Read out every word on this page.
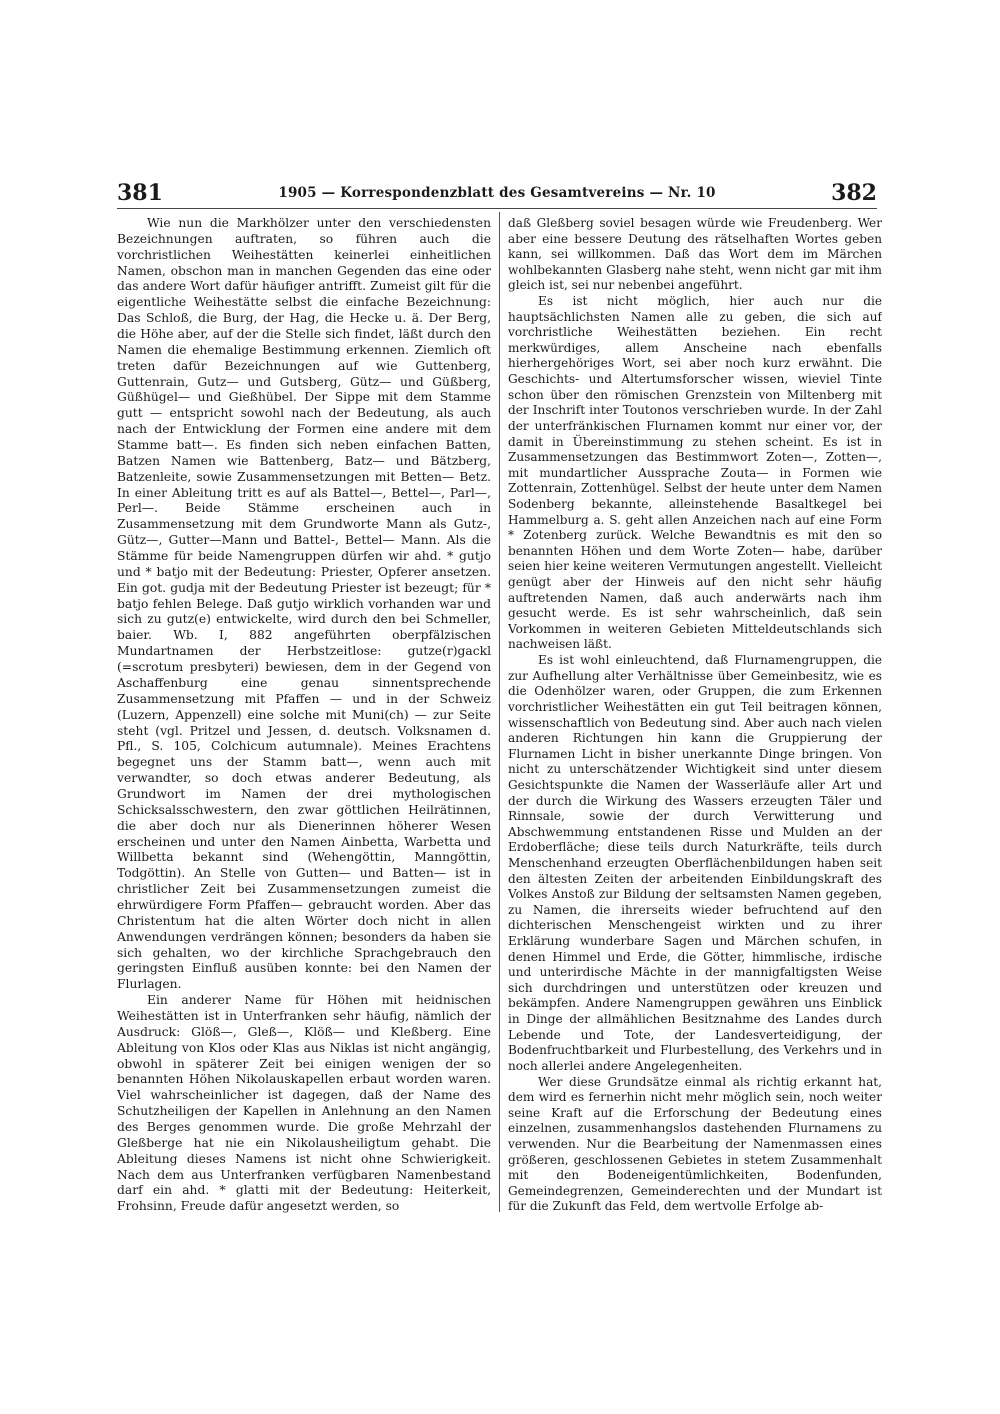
381	1905 — Korrespondenzblatt des Gesamtvereins — Nr. 10	382

Wie nun die Markhölzer unter den verschiedensten Bezeichnungen auftraten, so führen auch die vorchristlichen Weihestätten keinerlei einheitlichen Namen, obschon man in manchen Gegenden das eine oder das andere Wort dafür häufiger antrifft. Zumeist gilt für die eigentliche Weihestätte selbst die einfache Bezeichnung: Das Schloß, die Burg, der Hag, die Hecke u. ä. Der Berg, die Höhe aber, auf der die Stelle sich findet, läßt durch den Namen die ehemalige Bestimmung erkennen. Ziemlich oft treten dafür Bezeichnungen auf wie Guttenberg, Guttenrain, Gutz— und Gutsberg, Gütz— und Güßberg, Güßhügel— und Gießhübel. Der Sippe mit dem Stamme gutt — entspricht sowohl nach der Bedeutung, als auch nach der Entwicklung der Formen eine andere mit dem Stamme batt—. Es finden sich neben einfachen Batten, Batzen Namen wie Battenberg, Batz— und Bätzberg, Batzenleite, sowie Zusammensetzungen mit Betten— Betz. In einer Ableitung tritt es auf als Battel—, Bettel—, Parl—, Perl—. Beide Stämme erscheinen auch in Zusammensetzung mit dem Grundworte Mann als Gutz-, Gütz—, Gutter—Mann und Battel-, Bettel— Mann. Als die Stämme für beide Namengruppen dürfen wir ahd. * gutjo und * batjo mit der Bedeutung: Priester, Opferer ansetzen. Ein got. gudja mit der Bedeutung Priester ist bezeugt; für * batjo fehlen Belege. Daß gutjo wirklich vorhanden war und sich zu gutz(e) entwickelte, wird durch den bei Schmeller, baier. Wb. I, 882 angeführten oberpfälzischen Mundartnamen der Herbstzeitlose: gutze(r)gackl (=scrotum presbyteri) bewiesen, dem in der Gegend von Aschaffenburg eine genau sinnentsprechende Zusammensetzung mit Pfaffen — und in der Schweiz (Luzern, Appenzell) eine solche mit Muni(ch) — zur Seite steht (vgl. Pritzel und Jessen, d. deutsch. Volksnamen d. Pfl., S. 105, Colchicum autumnale). Meines Erachtens begegnet uns der Stamm batt—, wenn auch mit verwandter, so doch etwas anderer Bedeutung, als Grundwort im Namen der drei mythologischen Schicksalsschwestern, den zwar göttlichen Heilrätinnen, die aber doch nur als Dienerinnen höherer Wesen erscheinen und unter den Namen Ainbetta, Warbetta und Willbetta bekannt sind (Wehengöttin, Manngöttin, Todgöttin). An Stelle von Gutten— und Batten— ist in christlicher Zeit bei Zusammensetzungen zumeist die ehrwürdigere Form Pfaffen— gebraucht worden. Aber das Christentum hat die alten Wörter doch nicht in allen Anwendungen verdrängen können; besonders da haben sie sich gehalten, wo der kirchliche Sprachgebrauch den geringsten Einfluß ausüben konnte: bei den Namen der Flurlagen.

Ein anderer Name für Höhen mit heidnischen Weihestätten ist in Unterfranken sehr häufig, nämlich der Ausdruck: Glöß—, Gleß—, Klöß— und Kleßberg. Eine Ableitung von Klos oder Klas aus Niklas ist nicht angängig, obwohl in späterer Zeit bei einigen wenigen der so benannten Höhen Nikolauskapellen erbaut worden waren. Viel wahrscheinlicher ist dagegen, daß der Name des Schutzheiligen der Kapellen in Anlehnung an den Namen des Berges genommen wurde. Die große Mehrzahl der Gleßberge hat nie ein Nikolausheiligtum gehabt. Die Ableitung dieses Namens ist nicht ohne Schwierigkeit. Nach dem aus Unterfranken verfügbaren Namenbestand darf ein ahd. * glatti mit der Bedeutung: Heiterkeit, Frohsinn, Freude dafür angesetzt werden, so

daß Gleßberg soviel besagen würde wie Freudenberg. Wer aber eine bessere Deutung des rätselhaften Wortes geben kann, sei willkommen. Daß das Wort dem im Märchen wohlbekannten Glasberg nahe steht, wenn nicht gar mit ihm gleich ist, sei nur nebenbei angeführt.

Es ist nicht möglich, hier auch nur die hauptsächlichsten Namen alle zu geben, die sich auf vorchristliche Weihestätten beziehen. Ein recht merkwürdiges, allem Anscheine nach ebenfalls hierhergehöriges Wort, sei aber noch kurz erwähnt. Die Geschichts- und Altertumsforscher wissen, wieviel Tinte schon über den römischen Grenzstein von Miltenberg mit der Inschrift inter Toutonos verschrieben wurde. In der Zahl der unterfränkischen Flurnamen kommt nur einer vor, der damit in Übereinstimmung zu stehen scheint. Es ist in Zusammensetzungen das Bestimmwort Zoten—, Zotten—, mit mundartlicher Aussprache Zouta— in Formen wie Zottenrain, Zottenhügel. Selbst der heute unter dem Namen Sodenberg bekannte, alleinstehende Basaltkegel bei Hammelburg a. S. geht allen Anzeichen nach auf eine Form * Zotenberg zurück. Welche Bewandtnis es mit den so benannten Höhen und dem Worte Zoten— habe, darüber seien hier keine weiteren Vermutungen angestellt. Vielleicht genügt aber der Hinweis auf den nicht sehr häufig auftretenden Namen, daß auch anderwärts nach ihm gesucht werde. Es ist sehr wahrscheinlich, daß sein Vorkommen in weiteren Gebieten Mitteldeutschlands sich nachweisen läßt.

Es ist wohl einleuchtend, daß Flurnamengruppen, die zur Aufhellung alter Verhältnisse über Gemeinbesitz, wie es die Odenhölzer waren, oder Gruppen, die zum Erkennen vorchristlicher Weihestätten ein gut Teil beitragen können, wissenschaftlich von Bedeutung sind. Aber auch nach vielen anderen Richtungen hin kann die Gruppierung der Flurnamen Licht in bisher unerkannte Dinge bringen. Von nicht zu unterschätzender Wichtigkeit sind unter diesem Gesichtspunkte die Namen der Wasserläufe aller Art und der durch die Wirkung des Wassers erzeugten Täler und Rinnsale, sowie der durch Verwitterung und Abschwemmung entstandenen Risse und Mulden an der Erdoberfläche; diese teils durch Naturkräfte, teils durch Menschenhand erzeugten Oberflächenbildungen haben seit den ältesten Zeiten der arbeitenden Einbildungskraft des Volkes Anstoß zur Bildung der seltsamsten Namen gegeben, zu Namen, die ihrerseits wieder befruchtend auf den dichterischen Menschengeist wirkten und zu ihrer Erklärung wunderbare Sagen und Märchen schufen, in denen Himmel und Erde, die Götter, himmlische, irdische und unterirdische Mächte in der mannigfaltigsten Weise sich durchdringen und unterstützen oder kreuzen und bekämpfen. Andere Namengruppen gewähren uns Einblick in Dinge der allmählichen Besitznahme des Landes durch Lebende und Tote, der Landesverteidigung, der Bodenfruchtbarkeit und Flurbestellung, des Verkehrs und in noch allerlei andere Angelegenheiten.

Wer diese Grundsätze einmal als richtig erkannt hat, dem wird es fernerhin nicht mehr möglich sein, noch weiter seine Kraft auf die Erforschung der Bedeutung eines einzelnen, zusammenhangslos dastehenden Flurnamens zu verwenden. Nur die Bearbeitung der Namenmassen eines größeren, geschlossenen Gebietes in stetem Zusammenhalt mit den Bodeneigentümlichkeiten, Bodenfunden, Gemeindegrenzen, Gemeinderechten und der Mundart ist für die Zukunft das Feld, dem wertvolle Erfolge ab-
